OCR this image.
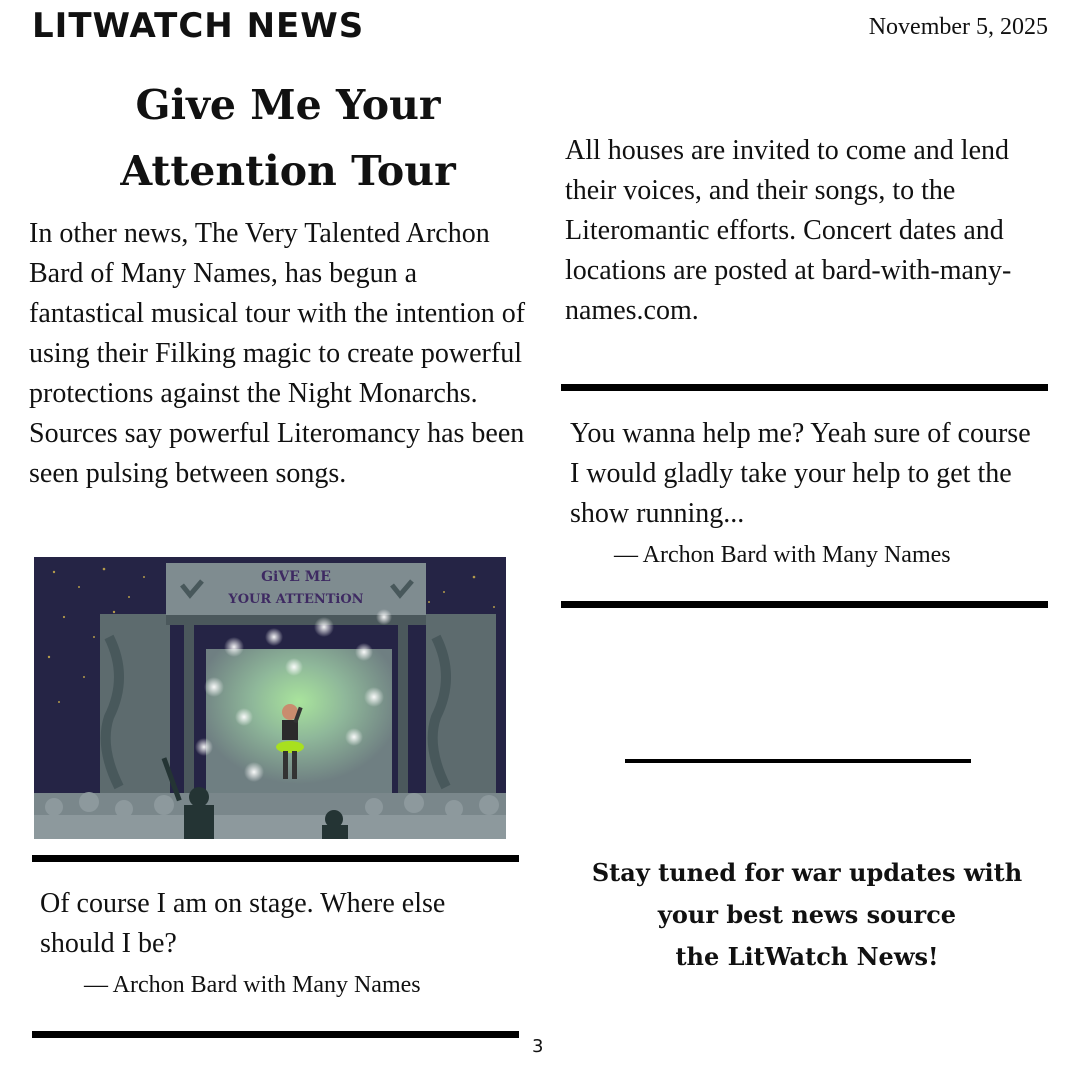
LITWATCH NEWS	November 5, 2025
Give Me Your
Attention Tour
In other news, The Very Talented Archon Bard of Many Names, has begun a fantastical musical tour with the intention of using their Filking magic to create powerful protections against the Night Monarchs. Sources say powerful Literomancy has been seen pulsing between songs.
All houses are invited to come and lend their voices, and their songs, to the Literomantic efforts. Concert dates and locations are posted at bard-with-many-names.com.
GiVE ME
YOUR ATTENTiON
Of course I am on stage. Where else should I be?
— Archon Bard with Many Names
3
You wanna help me? Yeah sure of course I would gladly take your help to get the show running...
— Archon Bard with Many Names
Stay tuned for war updates with
your best news source
the LitWatch News!
